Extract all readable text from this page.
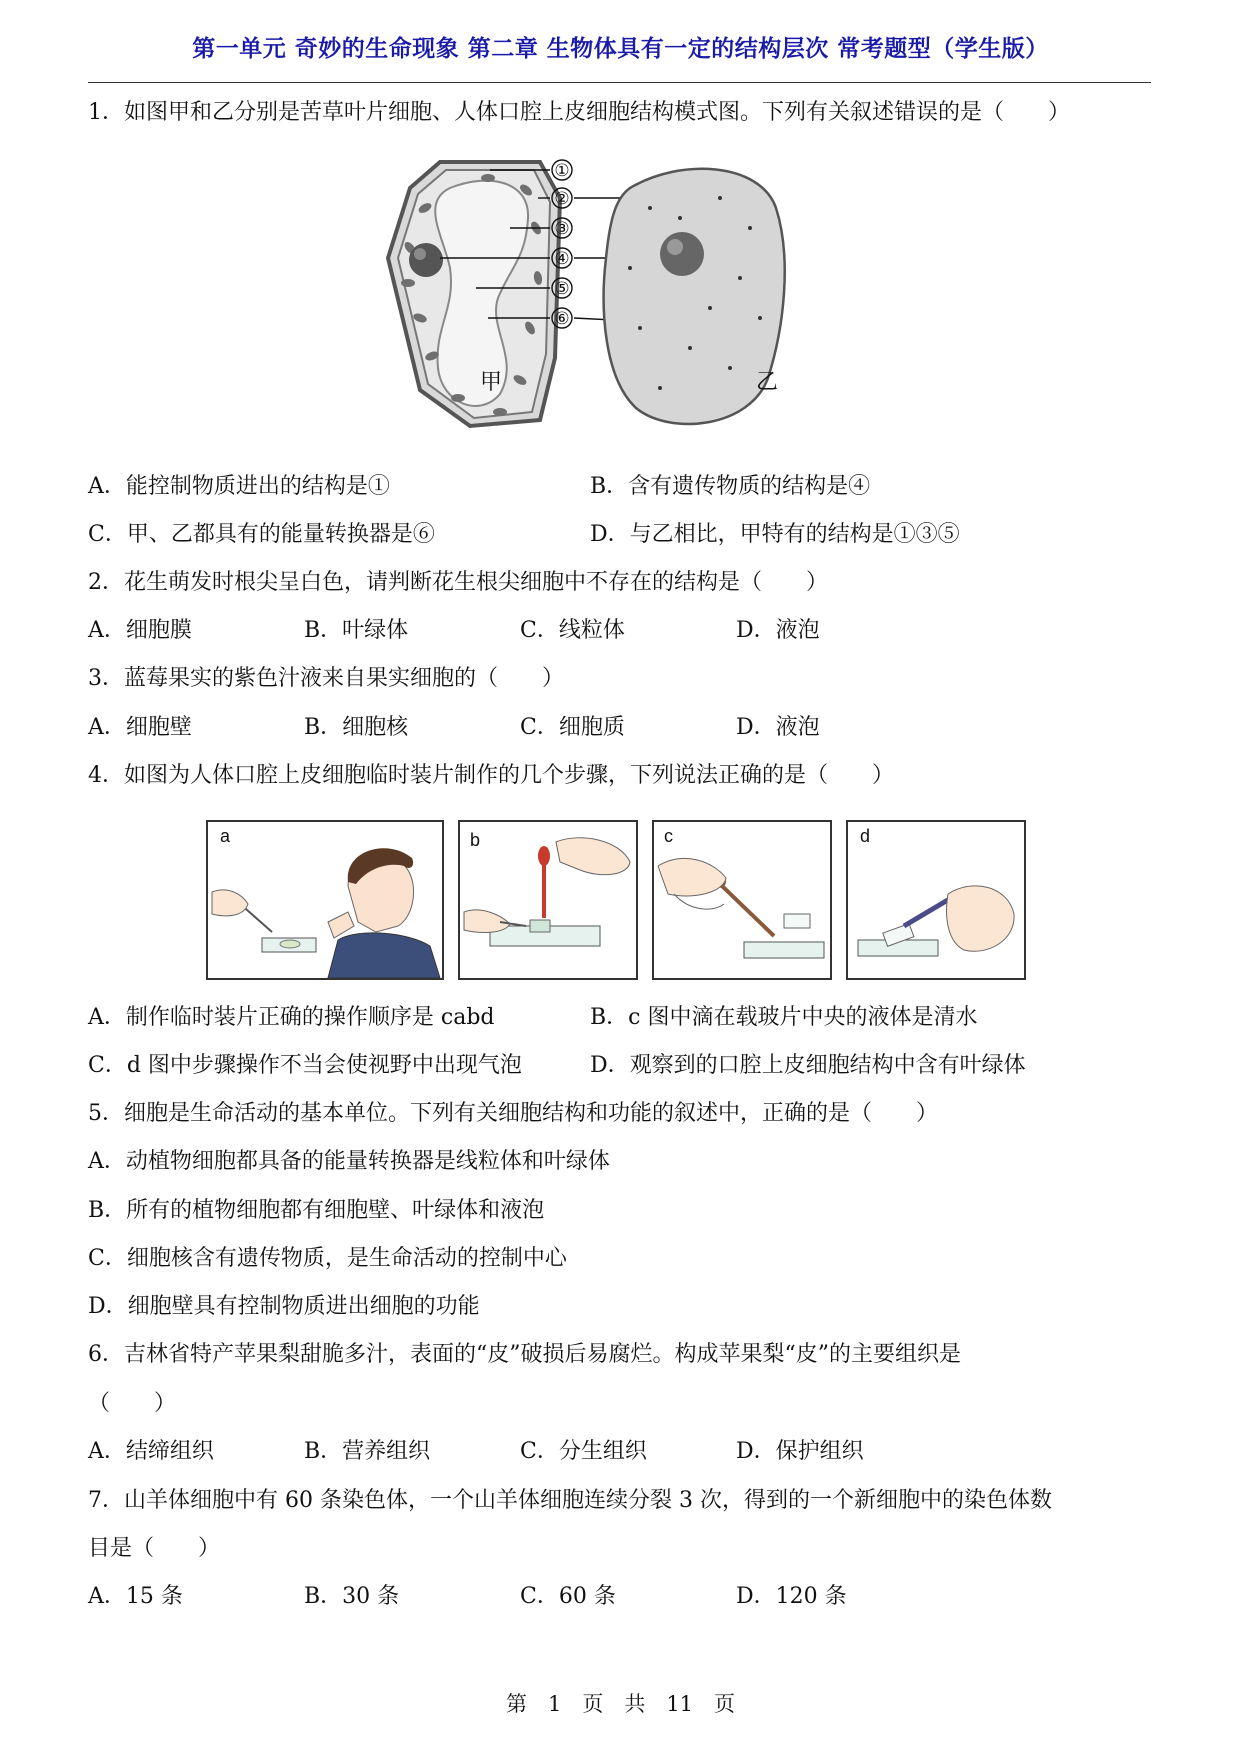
第一单元 奇妙的生命现象 第二章 生物体具有一定的结构层次 常考题型（学生版）
1．如图甲和乙分别是苦草叶片细胞、人体口腔上皮细胞结构模式图。下列有关叙述错误的是（　　）
①
②
③
④
⑤
⑥
甲	乙
A．能控制物质进出的结构是①	B．含有遗传物质的结构是④
C．甲、乙都具有的能量转换器是⑥	D．与乙相比，甲特有的结构是①③⑤
2．花生萌发时根尖呈白色，请判断花生根尖细胞中不存在的结构是（　　）
A．细胞膜	B．叶绿体	C．线粒体	D．液泡
3．蓝莓果实的紫色汁液来自果实细胞的（　　）
A．细胞壁	B．细胞核	C．细胞质	D．液泡
4．如图为人体口腔上皮细胞临时装片制作的几个步骤，下列说法正确的是（　　）
a	b	c	d
A．制作临时装片正确的操作顺序是 cabd	B．c 图中滴在载玻片中央的液体是清水
C．d 图中步骤操作不当会使视野中出现气泡	D．观察到的口腔上皮细胞结构中含有叶绿体
5．细胞是生命活动的基本单位。下列有关细胞结构和功能的叙述中，正确的是（　　）
A．动植物细胞都具备的能量转换器是线粒体和叶绿体
B．所有的植物细胞都有细胞壁、叶绿体和液泡
C．细胞核含有遗传物质，是生命活动的控制中心
D．细胞壁具有控制物质进出细胞的功能
6．吉林省特产苹果梨甜脆多汁，表面的“皮”破损后易腐烂。构成苹果梨“皮”的主要组织是
（　　）
A．结缔组织	B．营养组织	C．分生组织	D．保护组织
7．山羊体细胞中有 60 条染色体，一个山羊体细胞连续分裂 3 次，得到的一个新细胞中的染色体数
目是（　　）
A．15 条	B．30 条	C．60 条	D．120 条
第　1　页　共　11　页
